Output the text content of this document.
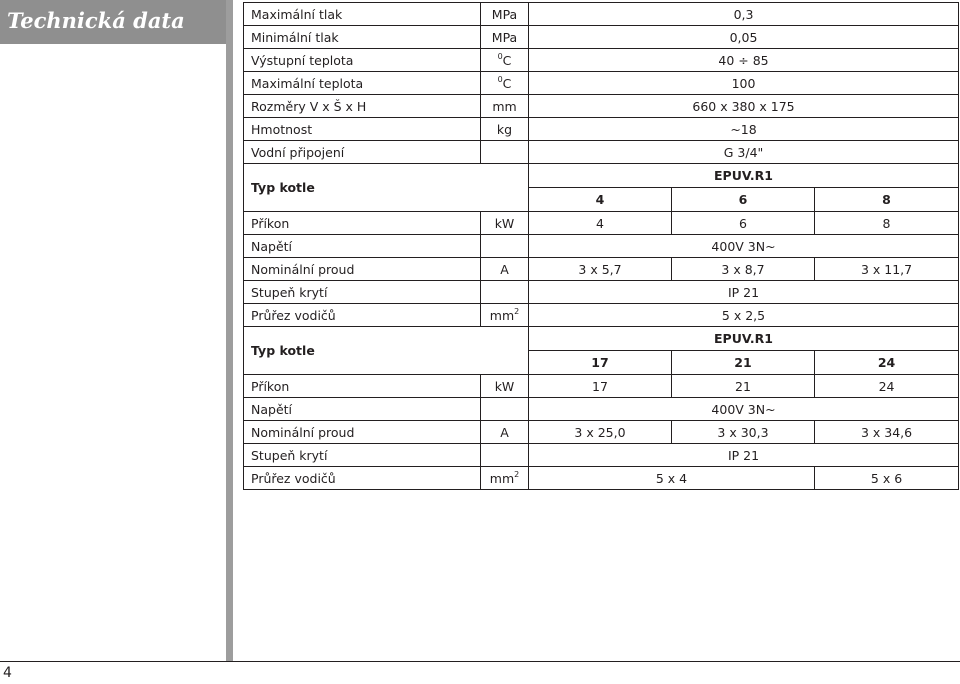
Technická data
4
Maximální tlak	MPa	0,3		
Minimální tlak	MPa	0,05		
Výstupní teplota	$^0$C	40 ÷ 85		
Maximální teplota	$^0$C	100		
Rozměry V x Š x H	mm	660 x 380 x 175		
Hmotnost	kg	~18		
Vodní připojení		G 3/4"		
Typ kotle		EPUV.R1		
		4	6	8
Příkon	kW	4	6	8
Napětí		400V 3N~		
Nominální proud	A	3 x 5,7	3 x 8,7	3 x 11,7
Stupeň krytí		IP 21		
Průřez vodičů	$mm^2$	5 x 2,5		
Typ kotle		EPUV.R1		
		17	21	24
Příkon	kW	17	21	24
Napětí		400V 3N~		
Nominální proud	A	3 x 25,0	3 x 30,3	3 x 34,6
Stupeň krytí		IP 21		
Průřez vodičů	$mm^2$	5 x 4		5 x 6
